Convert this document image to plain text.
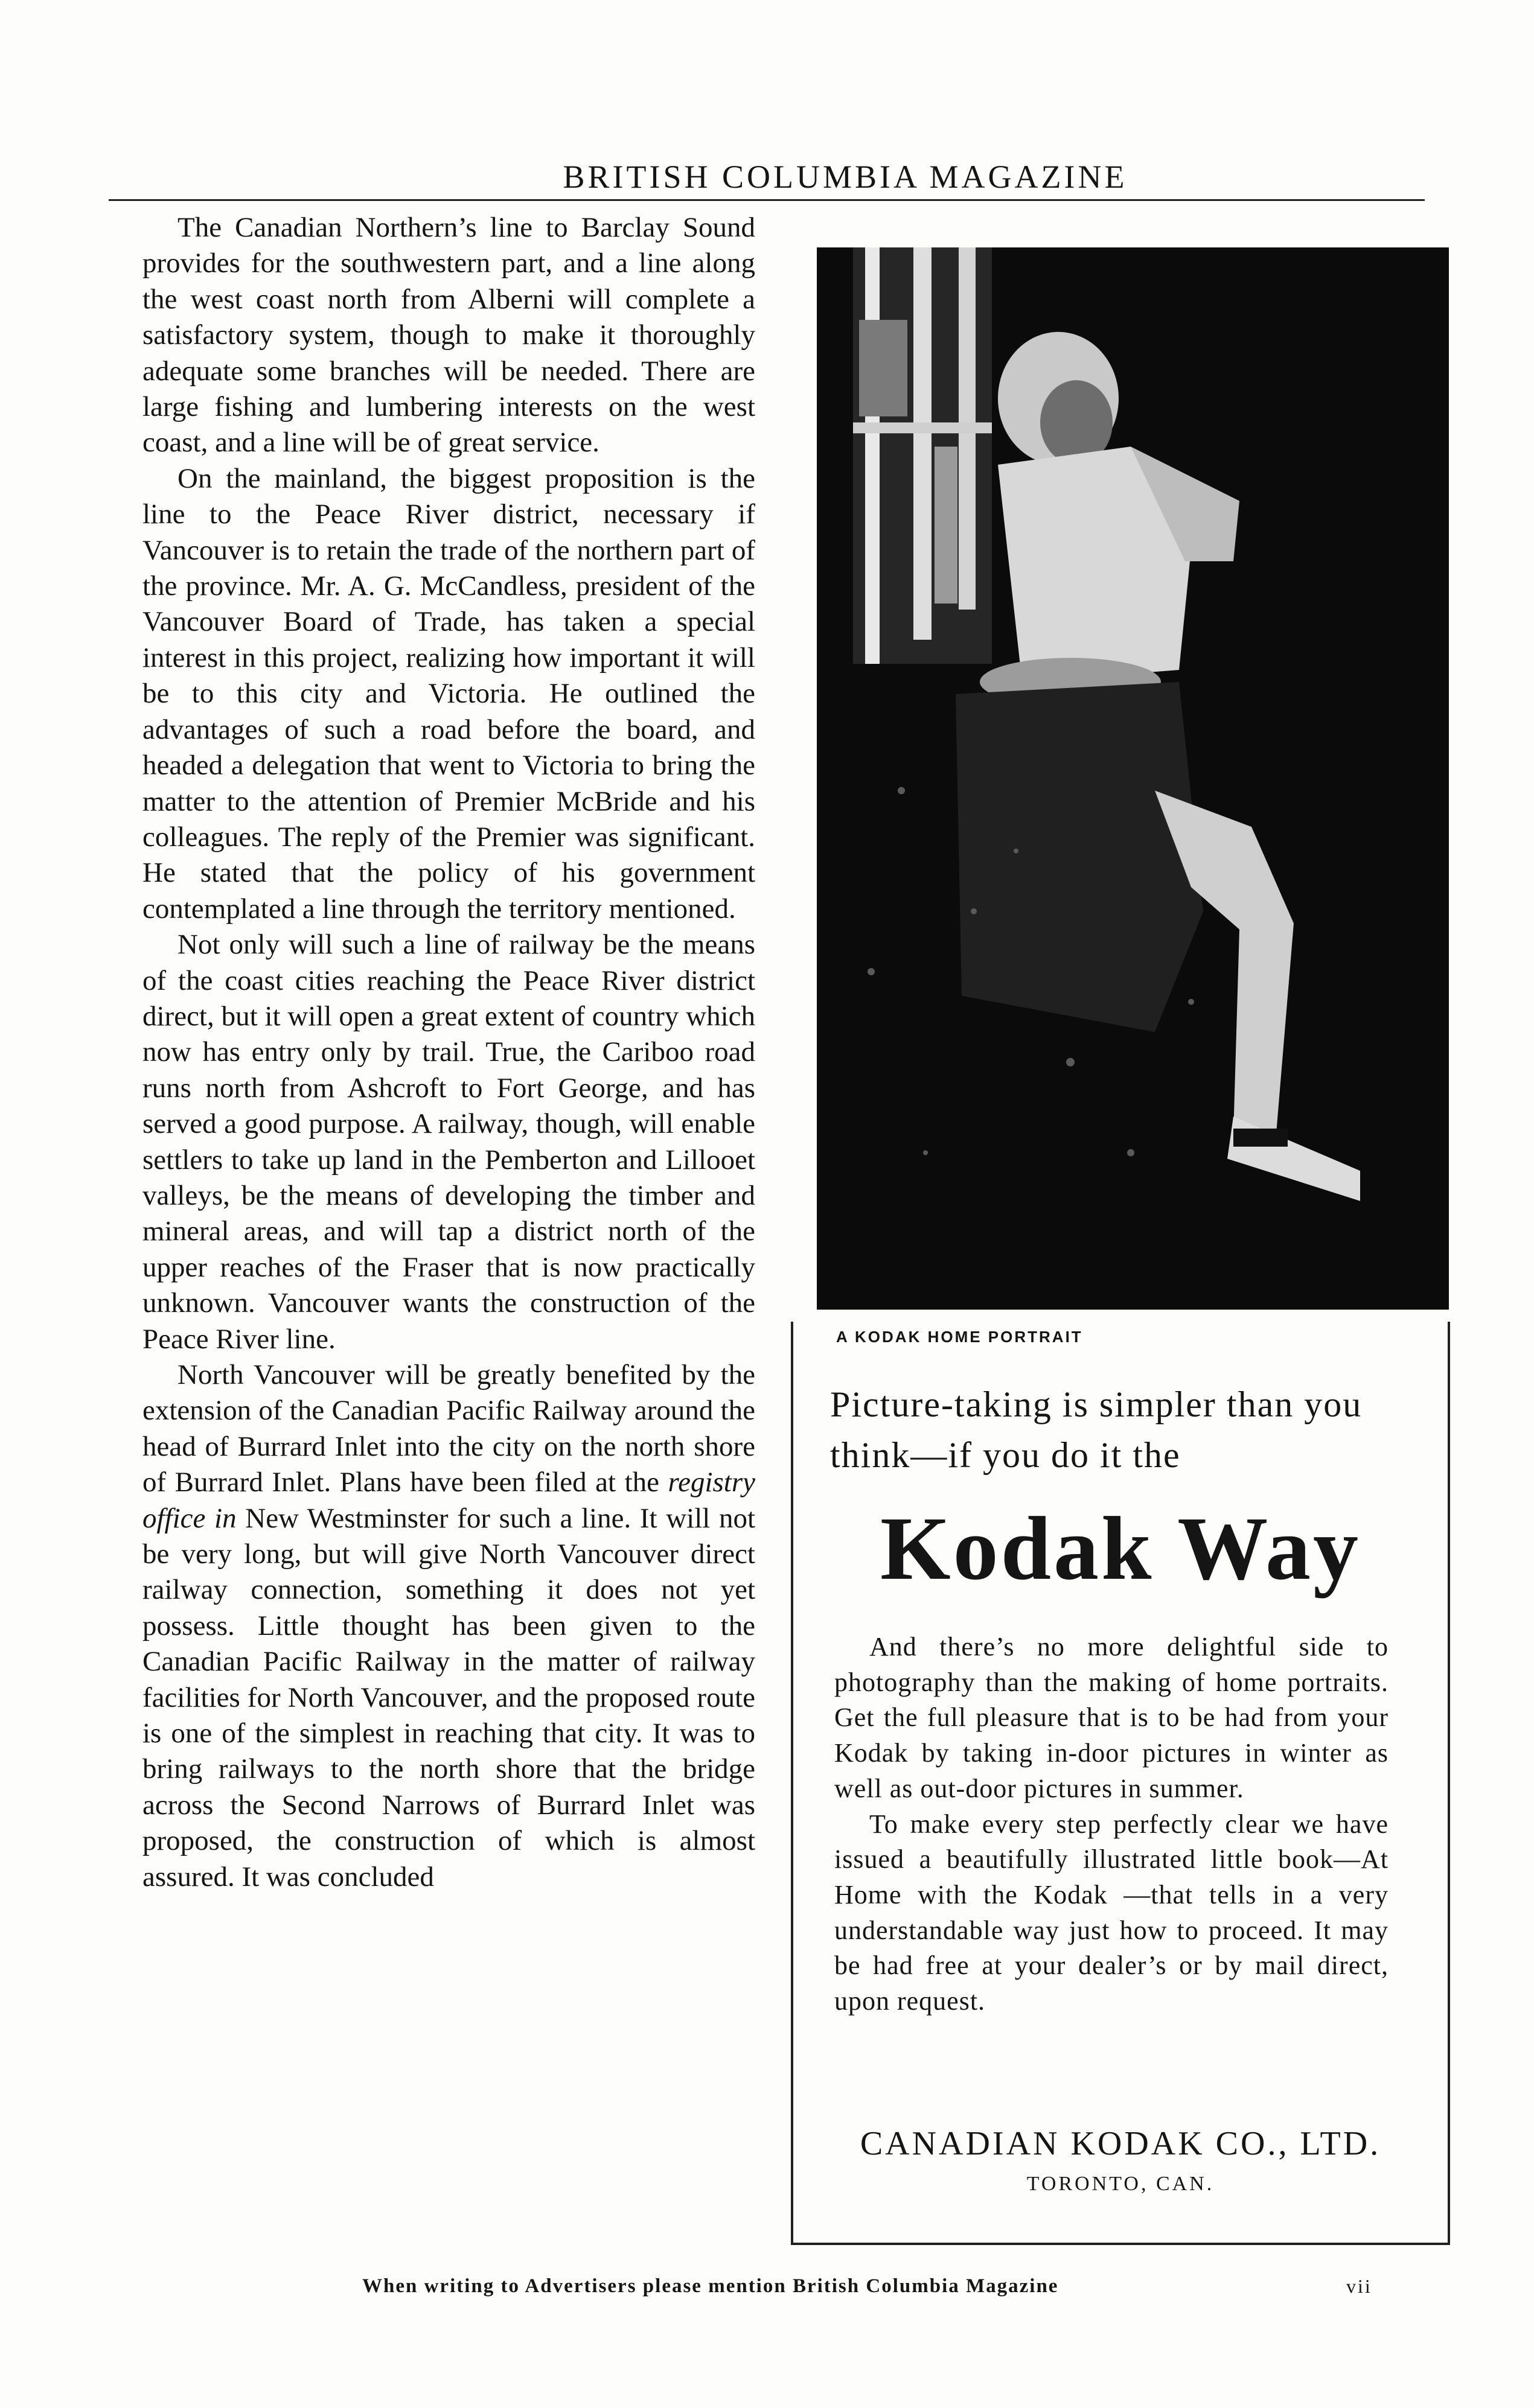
BRITISH COLUMBIA MAGAZINE

The Canadian Northern’s line to Barclay Sound provides for the southwestern part, and a line along the west coast north from Alberni will complete a satisfactory system, though to make it thoroughly adequate some branches will be needed. There are large fishing and lumbering interests on the west coast, and a line will be of great service.

On the mainland, the biggest proposition is the line to the Peace River district, necessary if Vancouver is to retain the trade of the northern part of the province. Mr. A. G. McCandless, president of the Vancouver Board of Trade, has taken a special interest in this project, realizing how important it will be to this city and Victoria. He outlined the advantages of such a road before the board, and headed a delegation that went to Victoria to bring the matter to the attention of Premier McBride and his colleagues. The reply of the Premier was significant. He stated that the policy of his government contemplated a line through the territory mentioned.

Not only will such a line of railway be the means of the coast cities reaching the Peace River district direct, but it will open a great extent of country which now has entry only by trail. True, the Cariboo road runs north from Ashcroft to Fort George, and has served a good purpose. A railway, though, will enable settlers to take up land in the Pemberton and Lillooet valleys, be the means of developing the timber and mineral areas, and will tap a district north of the upper reaches of the Fraser that is now practically unknown. Vancouver wants the construction of the Peace River line.

North Vancouver will be greatly benefited by the extension of the Canadian Pacific Railway around the head of Burrard Inlet into the city on the north shore of Burrard Inlet. Plans have been filed at the registry office in New Westminster for such a line. It will not be very long, but will give North Vancouver direct railway connection, something it does not yet possess. Little thought has been given to the Canadian Pacific Railway in the matter of railway facilities for North Vancouver, and the proposed route is one of the simplest in reaching that city. It was to bring railways to the north shore that the bridge across the Second Narrows of Burrard Inlet was proposed, the construction of which is almost assured. It was concluded

A KODAK HOME PORTRAIT
Picture-taking is simpler than you think—if you do it the
Kodak Way

And there’s no more delightful side to photography than the making of home portraits. Get the full pleasure that is to be had from your Kodak by taking in-door pictures in winter as well as out-door pictures in summer.

To make every step perfectly clear we have issued a beautifully illustrated little book—At Home with the Kodak —that tells in a very understandable way just how to proceed. It may be had free at your dealer’s or by mail direct, upon request.

CANADIAN KODAK CO., LTD.
TORONTO, CAN.
When writing to Advertisers please mention British Columbia Magazine	vii
